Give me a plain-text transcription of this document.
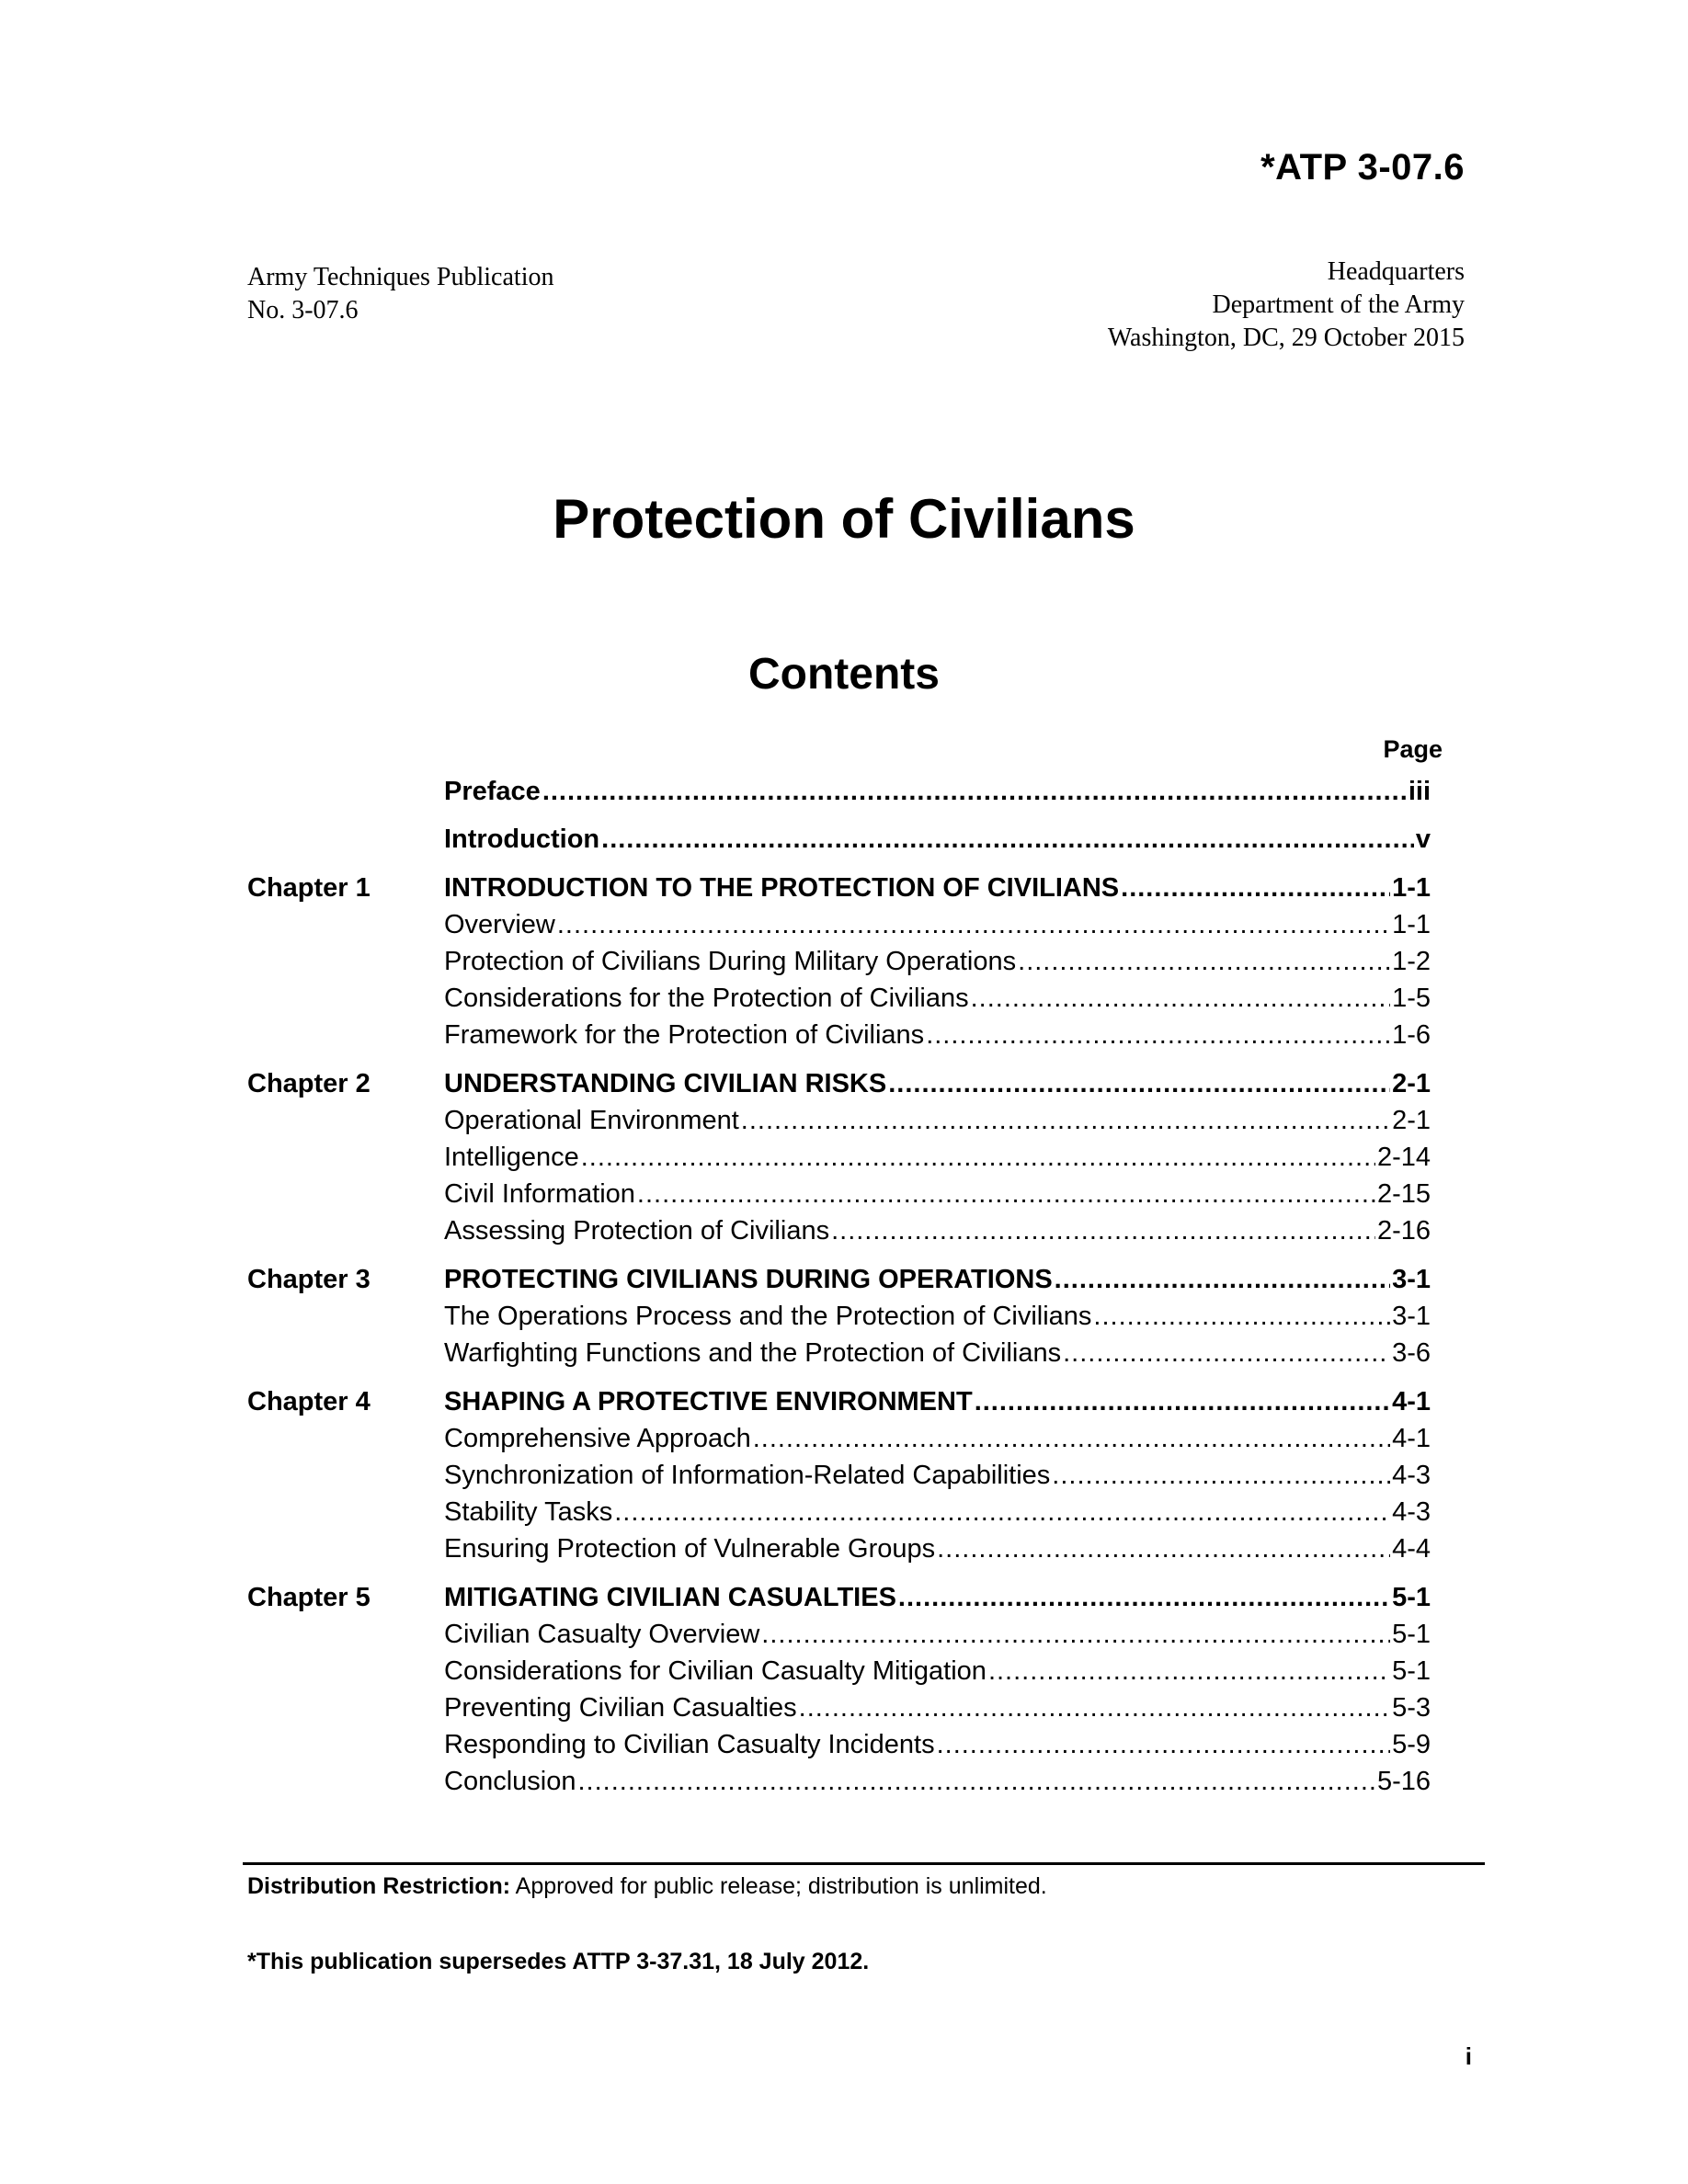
*ATP 3-07.6
Army Techniques Publication
No. 3-07.6
Headquarters
Department of the Army
Washington, DC, 29 October 2015
Protection of Civilians
Contents
Page
Preface .....	iii
Introduction .....	v
Chapter 1	INTRODUCTION TO THE PROTECTION OF CIVILIANS .....	1-1
Overview .....	1-1
Protection of Civilians During Military Operations .....	1-2
Considerations for the Protection of Civilians .....	1-5
Framework for the Protection of Civilians .....	1-6
Chapter 2	UNDERSTANDING CIVILIAN RISKS .....	2-1
Operational Environment .....	2-1
Intelligence .....	2-14
Civil Information .....	2-15
Assessing Protection of Civilians .....	2-16
Chapter 3	PROTECTING CIVILIANS DURING OPERATIONS .....	3-1
The Operations Process and the Protection of Civilians .....	3-1
Warfighting Functions and the Protection of Civilians .....	3-6
Chapter 4	SHAPING A PROTECTIVE ENVIRONMENT .....	4-1
Comprehensive Approach .....	4-1
Synchronization of Information-Related Capabilities .....	4-3
Stability Tasks .....	4-3
Ensuring Protection of Vulnerable Groups .....	4-4
Chapter 5	MITIGATING CIVILIAN CASUALTIES .....	5-1
Civilian Casualty Overview .....	5-1
Considerations for Civilian Casualty Mitigation .....	5-1
Preventing Civilian Casualties .....	5-3
Responding to Civilian Casualty Incidents .....	5-9
Conclusion .....	5-16
Distribution Restriction: Approved for public release; distribution is unlimited.
*This publication supersedes ATTP 3-37.31, 18 July 2012.
i
